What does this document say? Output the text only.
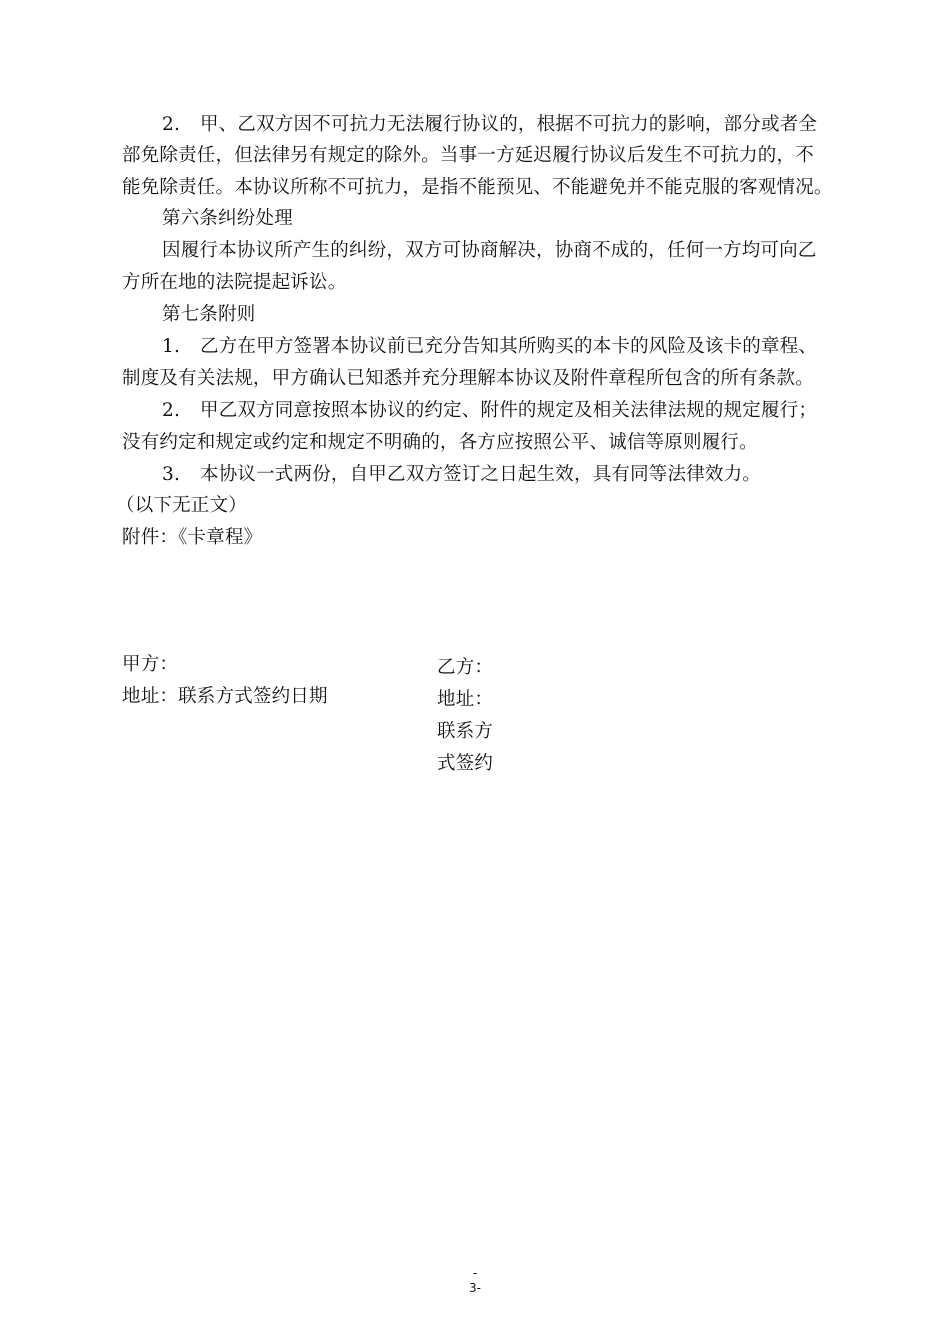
2. 甲、乙双方因不可抗力无法履行协议的，根据不可抗力的影响，部分或者全
部免除责任，但法律另有规定的除外。当事一方延迟履行协议后发生不可抗力的，不
能免除责任。本协议所称不可抗力，是指不能预见、不能避免并不能克服的客观情况。
第六条纠纷处理
因履行本协议所产生的纠纷，双方可协商解决，协商不成的，任何一方均可向乙
方所在地的法院提起诉讼。
第七条附则
1. 乙方在甲方签署本协议前已充分告知其所购买的本卡的风险及该卡的章程、
制度及有关法规，甲方确认已知悉并充分理解本协议及附件章程所包含的所有条款。
2. 甲乙双方同意按照本协议的约定、附件的规定及相关法律法规的规定履行；
没有约定和规定或约定和规定不明确的，各方应按照公平、诚信等原则履行。
3. 本协议一式两份，自甲乙双方签订之日起生效，具有同等法律效力。
（以下无正文）
附件：《卡章程》
甲方：
地址：联系方式签约日期
乙方：
地址：
联系方
式签约
-
3-
